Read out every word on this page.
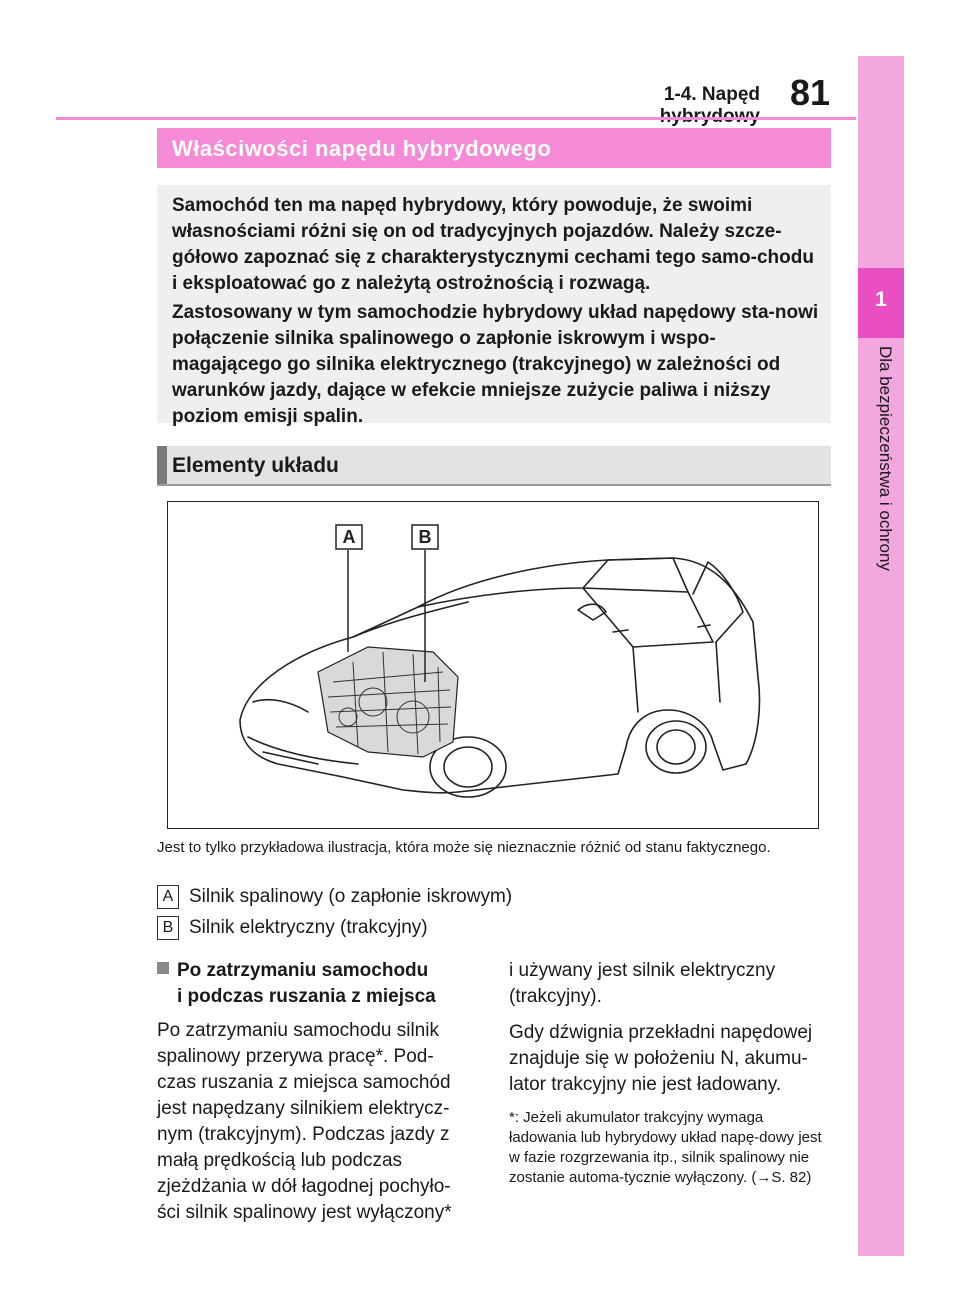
1
Dla bezpieczeństwa i ochrony
1-4. Napęd 81
Właściwości napędu hybrydowego
Samochód ten ma napęd hybrydowy, który powoduje, że swoimi własnościami różni się on od tradycyjnych pojazdów. Należy szcze-gółowo zapoznać się z charakterystycznymi cechami tego samo-chodu i eksploatować go z należytą ostrożnością i rozwagą.
Zastosowany w tym samochodzie hybrydowy układ napędowy sta-nowi połączenie silnika spalinowego o zapłonie iskrowym i wspo-magającego go silnika elektrycznego (trakcyjnego) w zależności od warunków jazdy, dające w efekcie mniejsze zużycie paliwa i niższy poziom emisji spalin.
Elementy układu
A	B
Jest to tylko przykładowa ilustracja, która może się nieznacznie różnić od stanu faktycznego.
A Silnik spalinowy (o zapłonie iskrowym)
B Silnik elektryczny (trakcyjny)
Po zatrzymaniu samochodu
i podczas ruszania z miejsca
Po zatrzymaniu samochodu silnik spalinowy przerywa pracę*. Pod-czas ruszania z miejsca samochód jest napędzany silnikiem elektrycz-nym (trakcyjnym). Podczas jazdy z małą prędkością lub podczas zjeżdżania w dół łagodnej pochyło-ści silnik spalinowy jest wyłączony*
i używany jest silnik elektryczny (trakcyjny).
Gdy dźwignia przekładni napędowej znajduje się w położeniu N, akumu-lator trakcyjny nie jest ładowany.
*: Jeżeli akumulator trakcyjny wymaga ładowania lub hybrydowy układ napę-dowy jest w fazie rozgrzewania itp., silnik spalinowy nie zostanie automa-tycznie wyłączony. (→S. 82)
